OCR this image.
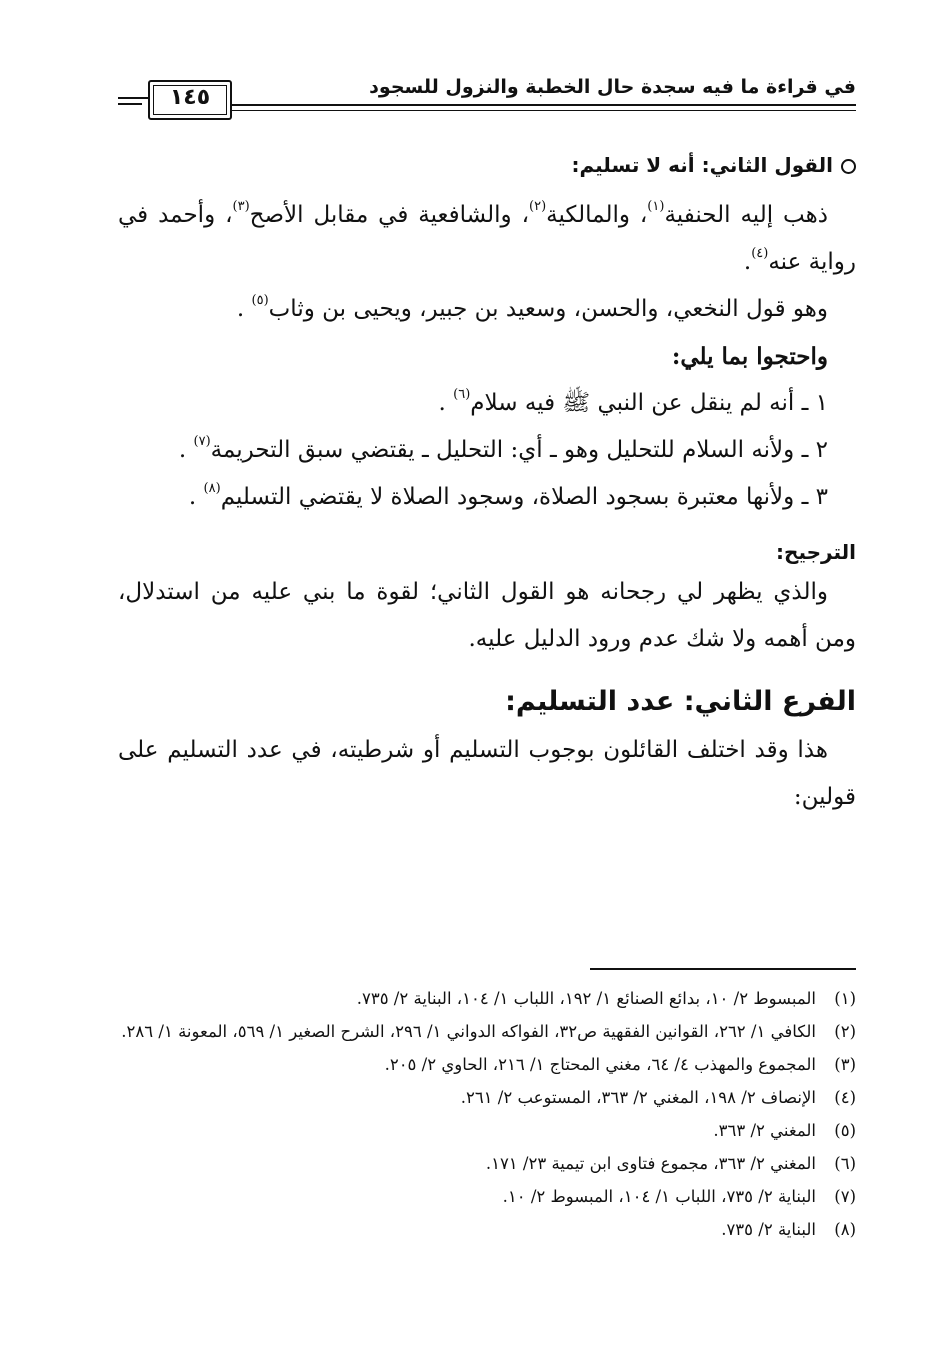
في قراءة ما فيه سجدة حال الخطبة والنزول للسجود
١٤٥
القول الثاني: أنه لا تسليم:

ذهب إليه الحنفية$^{(١)}$، والمالكية$^{(٢)}$، والشافعية في مقابل الأصح$^{(٣)}$، وأحمد في رواية عنه$^{(٤)}$.

وهو قول النخعي، والحسن، وسعيد بن جبير، ويحيى بن وثاب$^{(٥)}$ .

واحتجوا بما يلي:

١ ـ أنه لم ينقل عن النبي ﷺ فيه سلام$^{(٦)}$ .

٢ ـ ولأنه السلام للتحليل وهو ـ أي: التحليل ـ يقتضي سبق التحريمة$^{(٧)}$ .

٣ ـ ولأنها معتبرة بسجود الصلاة، وسجود الصلاة لا يقتضي التسليم$^{(٨)}$ .

الترجيح:

والذي يظهر لي رجحانه هو القول الثاني؛ لقوة ما بني عليه من استدلال، ومن أهمه ولا شك عدم ورود الدليل عليه.

الفرع الثاني: عدد التسليم:

هذا وقد اختلف القائلون بوجوب التسليم أو شرطيته، في عدد التسليم على قولين:

(١)
المبسوط ٢/ ١٠، بدائع الصنائع ١/ ١٩٢، اللباب ١/ ١٠٤، البناية ٢/ ٧٣٥.
(٢)
الكافي ١/ ٢٦٢، القوانين الفقهية ص٣٢، الفواكه الدواني ١/ ٢٩٦، الشرح الصغير ١/ ٥٦٩، المعونة ١/ ٢٨٦.
(٣)
المجموع والمهذب ٤/ ٦٤، مغني المحتاج ١/ ٢١٦، الحاوي ٢/ ٢٠٥.
(٤)
الإنصاف ٢/ ١٩٨، المغني ٢/ ٣٦٣، المستوعب ٢/ ٢٦١.
(٥)
المغني ٢/ ٣٦٣.
(٦)
المغني ٢/ ٣٦٣، مجموع فتاوى ابن تيمية ٢٣/ ١٧١.
(٧)
البناية ٢/ ٧٣٥، اللباب ١/ ١٠٤، المبسوط ٢/ ١٠.
(٨)
البناية ٢/ ٧٣٥.
